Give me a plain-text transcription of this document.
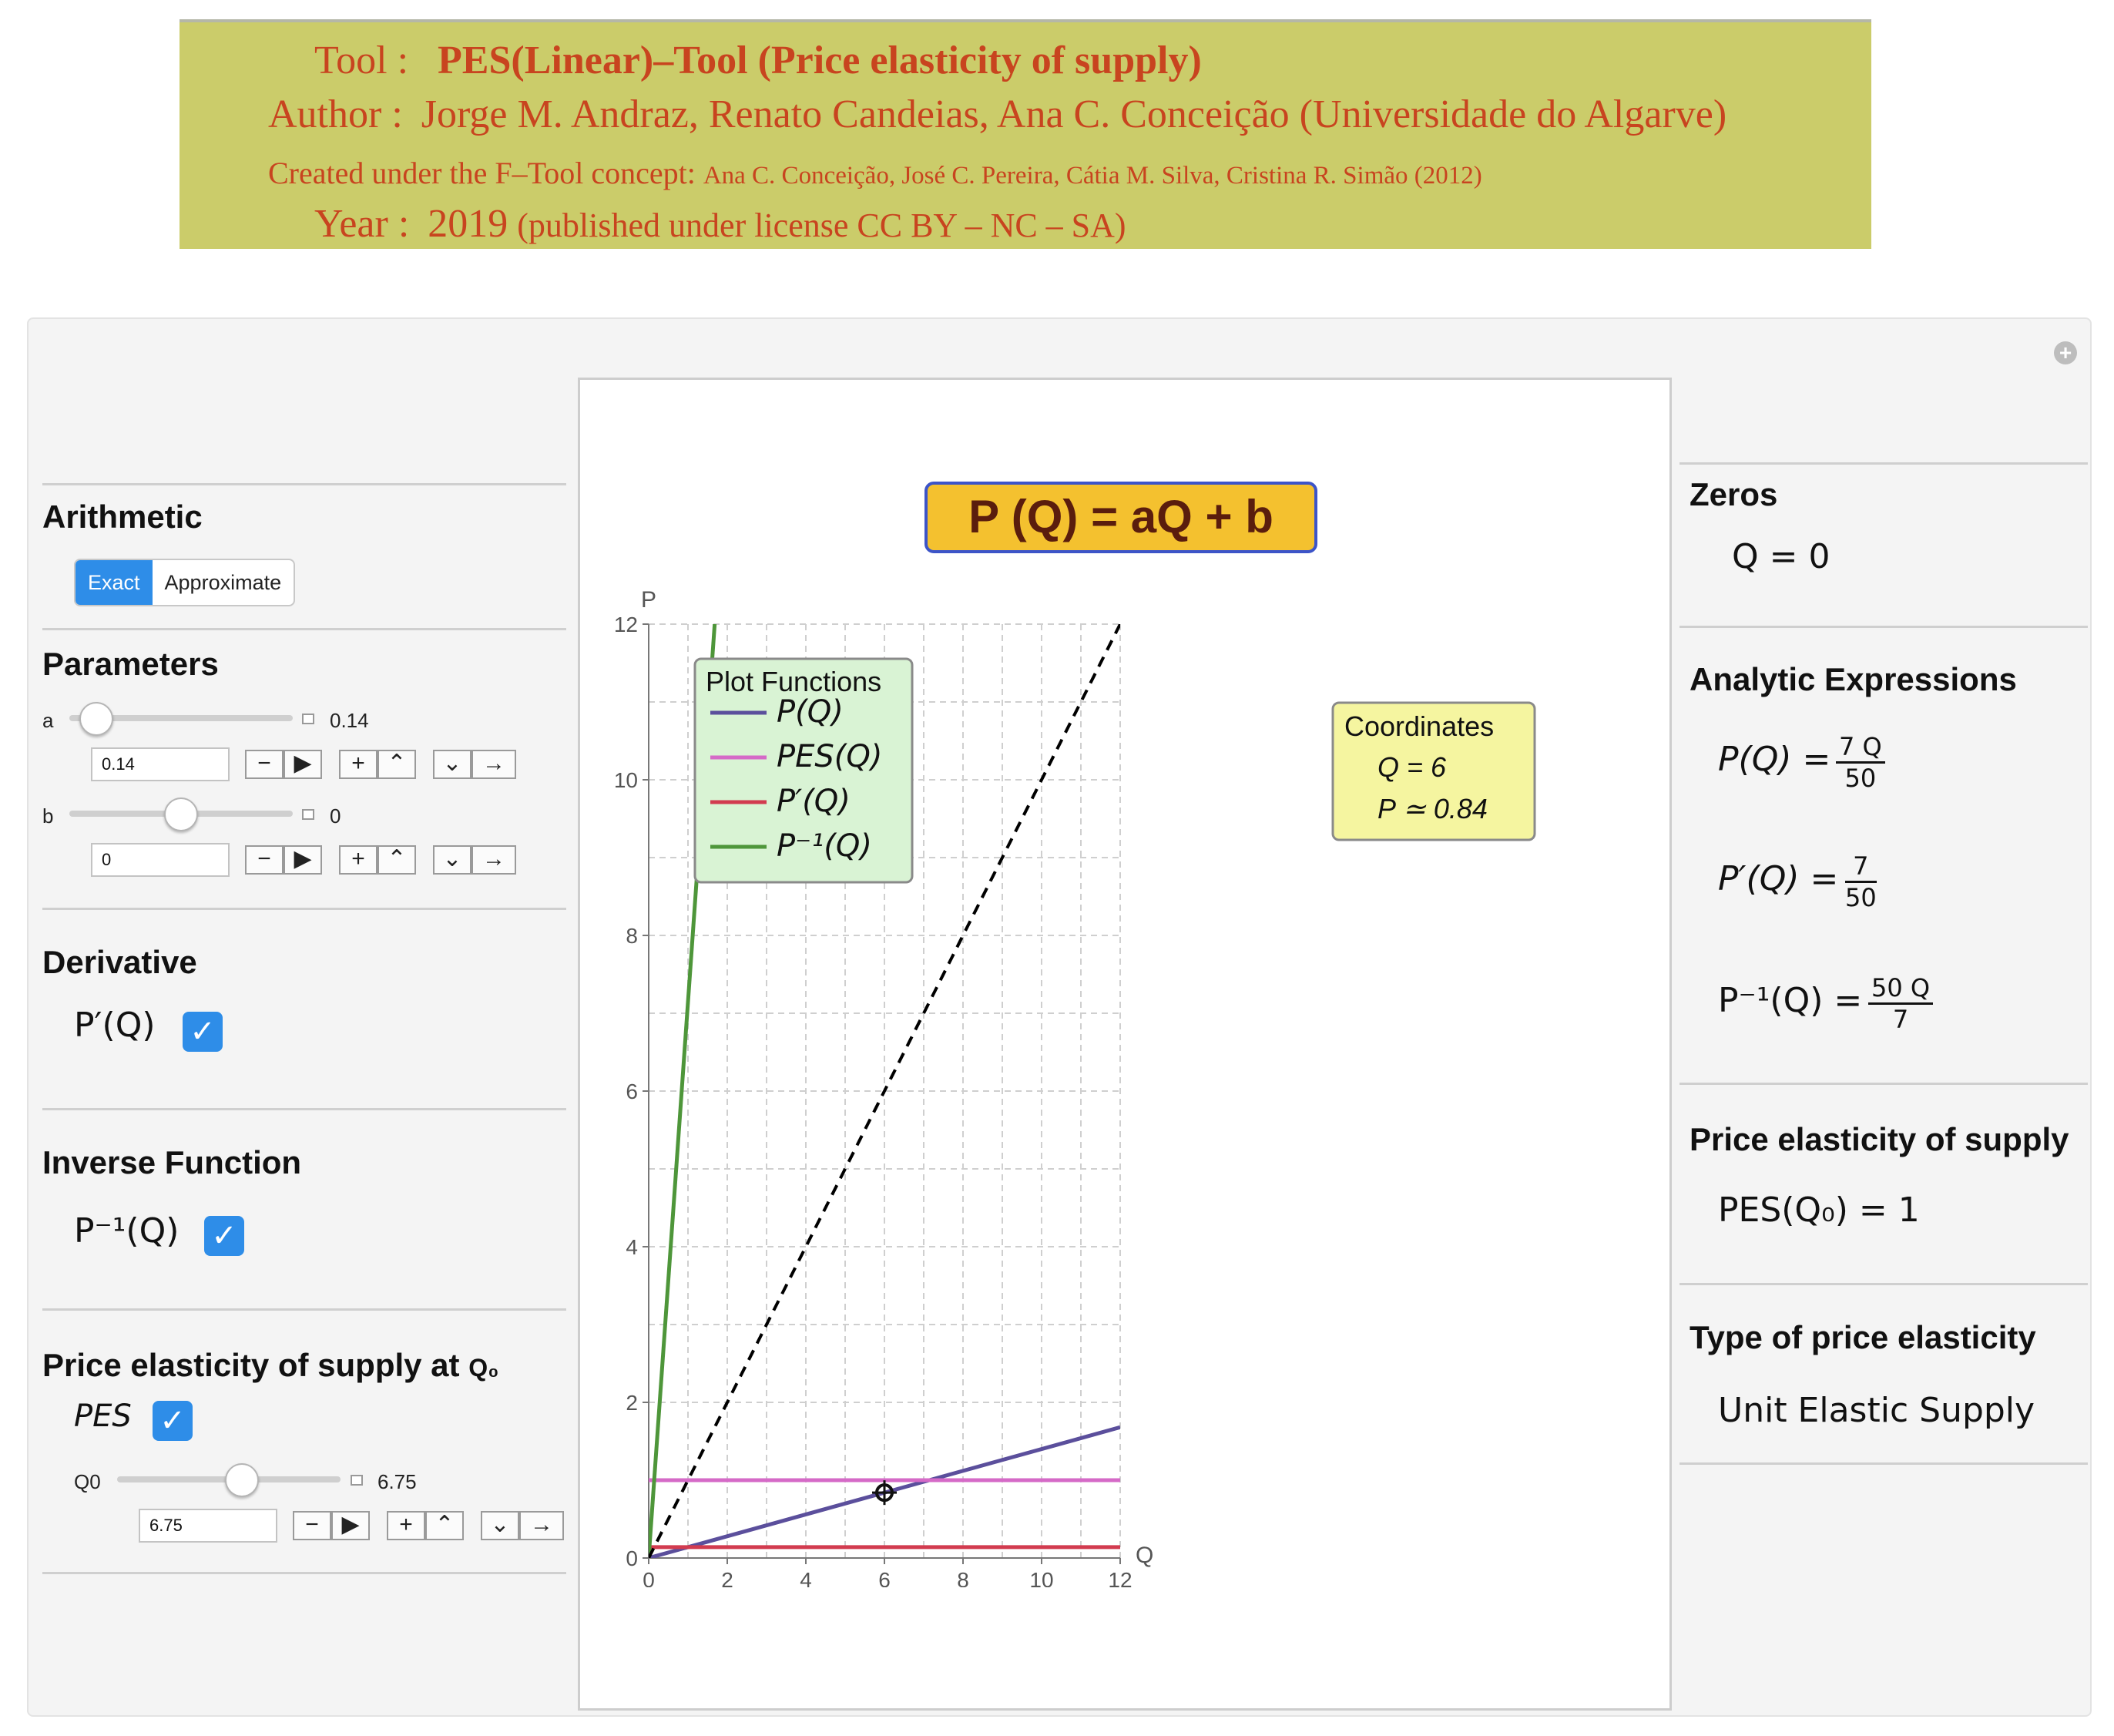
Tool : PES(Linear)–Tool (Price elasticity of supply)
Author : Jorge M. Andraz, Renato Candeias, Ana C. Conceição (Universidade do Algarve)
Created under the F–Tool concept: Ana C. Conceição, José C. Pereira, Cátia M. Silva, Cristina R. Simão (2012)
Year : 2019 (published under license CC BY – NC – SA)
+
Arithmetic
Exact	Approximate
Parameters
a	0.14
0.14
b	0
0
Derivative
P′(Q) ✓
Inverse Function
P⁻¹(Q) ✓
Price elasticity of supply at Q₀
PES ✓
Q0	6.75
6.75
P (Q) = aQ + b
0	2	4	6	8	10	12
0
2
4
6
8
10
12
Q
P
Plot Functions
P(Q)
PES(Q)
P′(Q)
P⁻¹(Q)
Coordinates
Q = 6
P ≃ 0.84
Zeros
Q = 0
Analytic Expressions
$P(Q) = \frac{7 Q}{50}$
$P'(Q) = \frac{7}{50}$
$P^{-1}(Q) = \frac{50 Q}{7}$
Price elasticity of supply
PES(Q₀) = 1
Type of price elasticity
Unit Elastic Supply
− ▶	+ ⌃	⌄ →
− ▶	+ ⌃	⌄ →
− ▶	+ ⌃	⌄ →
